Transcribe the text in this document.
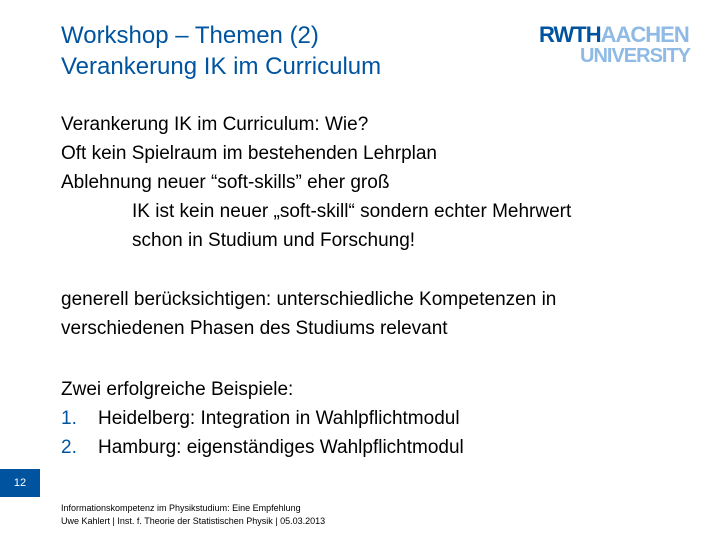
Workshop – Themen (2)
Verankerung IK im Curriculum
RWTHAACHEN
UNIVERSITY
Verankerung IK im Curriculum: Wie?
Oft kein Spielraum im bestehenden Lehrplan
Ablehnung neuer “soft-skills” eher groß
IK ist kein neuer „soft-skill“ sondern echter Mehrwert
schon in Studium und Forschung!
generell berücksichtigen: unterschiedliche Kompetenzen in
verschiedenen Phasen des Studiums relevant
Zwei erfolgreiche Beispiele:
1. Heidelberg: Integration in Wahlpflichtmodul
2. Hamburg: eigenständiges Wahlpflichtmodul
12
Informationskompetenz im Physikstudium: Eine Empfehlung
Uwe Kahlert | Inst. f. Theorie der Statistischen Physik | 05.03.2013
